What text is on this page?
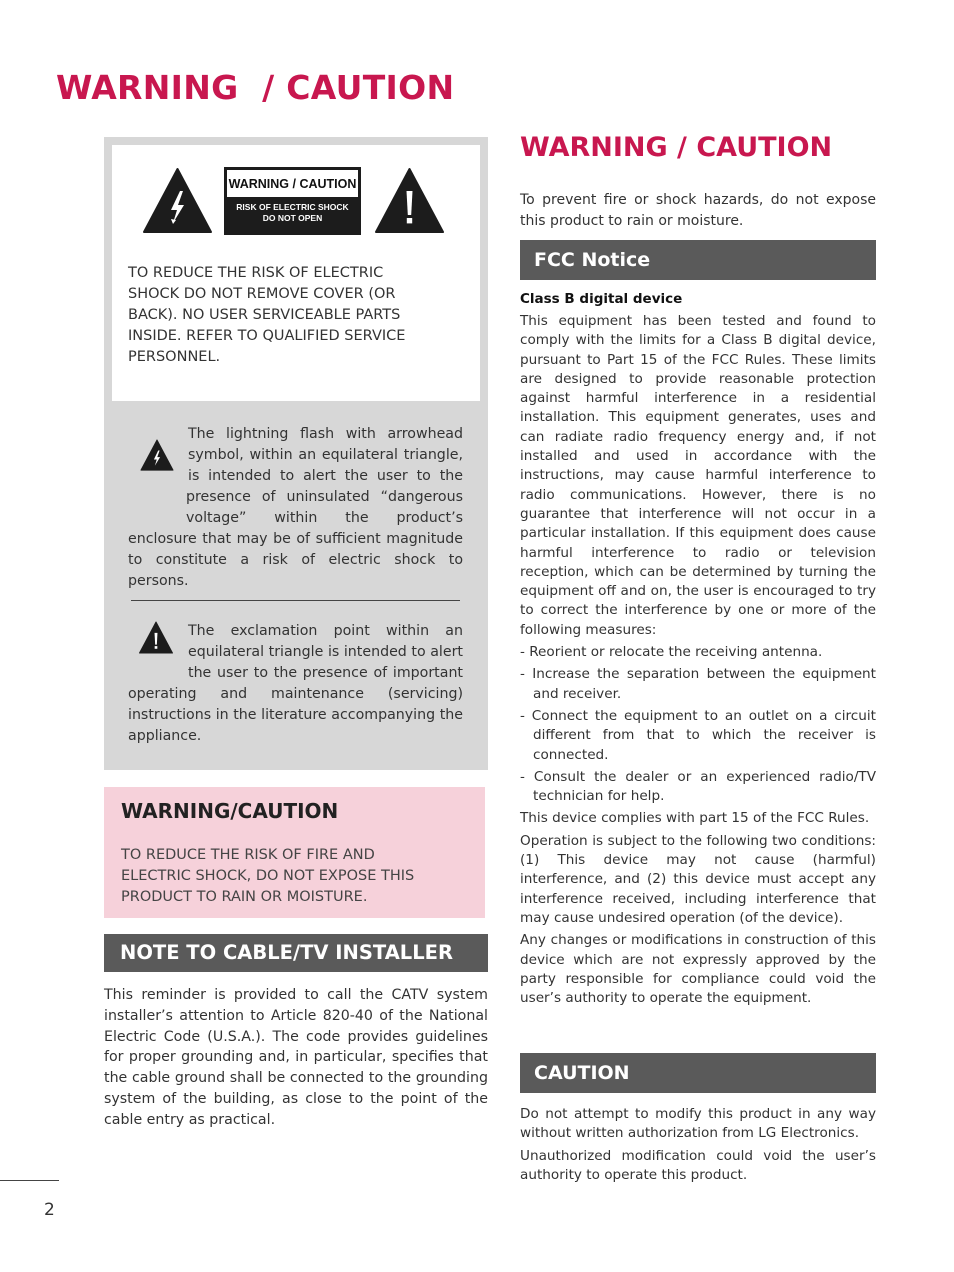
WARNING  / CAUTION
WARNING / CAUTION
RISK OF ELECTRIC SHOCK
DO NOT OPEN

TO REDUCE THE RISK OF ELECTRIC
SHOCK DO NOT REMOVE COVER (OR
BACK). NO USER SERVICEABLE PARTS
INSIDE. REFER TO QUALIFIED SERVICE
PERSONNEL.

The lightning flash with arrowhead symbol, within an equilateral triangle, is intended to alert the user to the presence of uninsulated “dangerous voltage” within the product’s enclosure that may be of sufficient magnitude to constitute a risk of electric shock to persons.

The exclamation point within an equilateral triangle is intended to alert the user to the presence of important operating and maintenance (servicing) instructions in the literature accompanying the appliance.

WARNING/CAUTION

TO REDUCE THE RISK OF FIRE AND
ELECTRIC SHOCK, DO NOT EXPOSE THIS
PRODUCT TO RAIN OR MOISTURE.

NOTE TO CABLE/TV INSTALLER

This reminder is provided to call the CATV system installer’s attention to Article 820-40 of the National Electric Code (U.S.A.). The code provides guidelines for proper grounding and, in particular, specifies that the cable ground shall be connected to the grounding system of the building, as close to the point of the cable entry as practical.

WARNING / CAUTION

To prevent fire or shock hazards, do not expose this product to rain or moisture.

FCC Notice
Class B digital device

This equipment has been tested and found to comply with the limits for a Class B digital device, pursuant to Part 15 of the FCC Rules. These limits are designed to provide reasonable protection against harmful interference in a residential installation. This equipment generates, uses and can radiate radio frequency energy and, if not installed and used in accordance with the instructions, may cause harmful interference to radio communications. However, there is no guarantee that interference will not occur in a particular installation. If this equipment does cause harmful interference to radio or television reception, which can be determined by turning the equipment off and on, the user is encouraged to try to correct the interference by one or more of the following measures:

- Reorient or relocate the receiving antenna.
- Increase the separation between the equipment and receiver.
- Connect the equipment to an outlet on a circuit different from that to which the receiver is connected.
- Consult the dealer or an experienced radio/TV technician for help.

This device complies with part 15 of the FCC Rules.

Operation is subject to the following two conditions: (1) This device may not cause (harmful) interference, and (2) this device must accept any interference received, including interference that may cause undesired operation (of the device).

Any changes or modifications in construction of this device which are not expressly approved by the party responsible for compliance could void the user’s authority to operate the equipment.

CAUTION

Do not attempt to modify this product in any way without written authorization from LG Electronics.

Unauthorized modification could void the user’s authority to operate this product.

2
